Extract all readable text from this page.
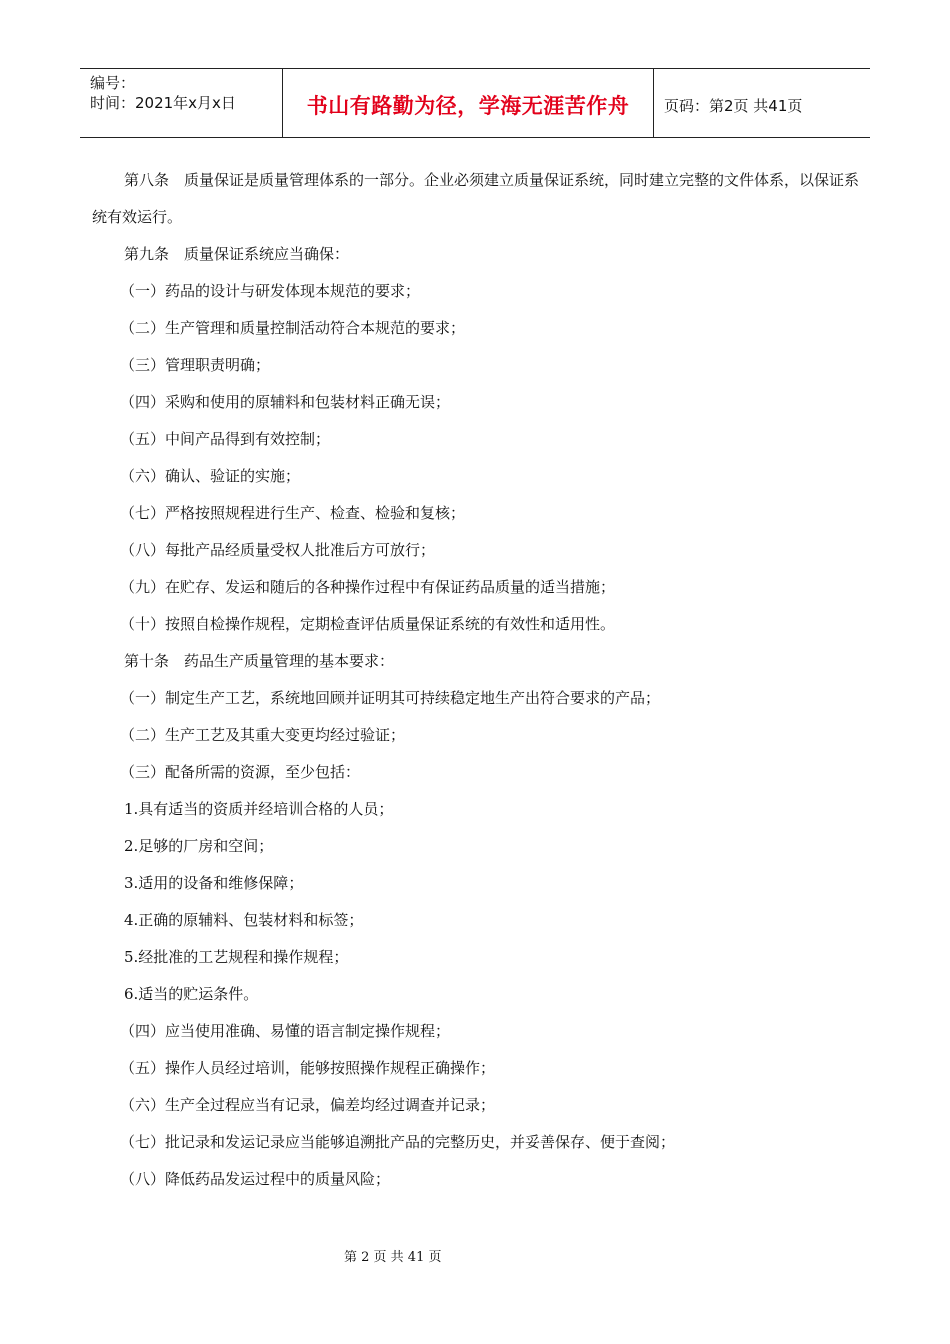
编号：
时间：2021年x月x日	书山有路勤为径，学海无涯苦作舟	页码：第2页 共41页
第八条　质量保证是质量管理体系的一部分。企业必须建立质量保证系统，同时建立完整的文件体系，以保证系统有效运行。
第九条　质量保证系统应当确保：
（一）药品的设计与研发体现本规范的要求；
（二）生产管理和质量控制活动符合本规范的要求；
（三）管理职责明确；
（四）采购和使用的原辅料和包装材料正确无误；
（五）中间产品得到有效控制；
（六）确认、验证的实施；
（七）严格按照规程进行生产、检查、检验和复核；
（八）每批产品经质量受权人批准后方可放行；
（九）在贮存、发运和随后的各种操作过程中有保证药品质量的适当措施；
（十）按照自检操作规程，定期检查评估质量保证系统的有效性和适用性。
第十条　药品生产质量管理的基本要求：
（一）制定生产工艺，系统地回顾并证明其可持续稳定地生产出符合要求的产品；
（二）生产工艺及其重大变更均经过验证；
（三）配备所需的资源，至少包括：
1.具有适当的资质并经培训合格的人员；
2.足够的厂房和空间；
3.适用的设备和维修保障；
4.正确的原辅料、包装材料和标签；
5.经批准的工艺规程和操作规程；
6.适当的贮运条件。
（四）应当使用准确、易懂的语言制定操作规程；
（五）操作人员经过培训，能够按照操作规程正确操作；
（六）生产全过程应当有记录，偏差均经过调查并记录；
（七）批记录和发运记录应当能够追溯批产品的完整历史，并妥善保存、便于查阅；
（八）降低药品发运过程中的质量风险；
第 2 页 共 41 页
